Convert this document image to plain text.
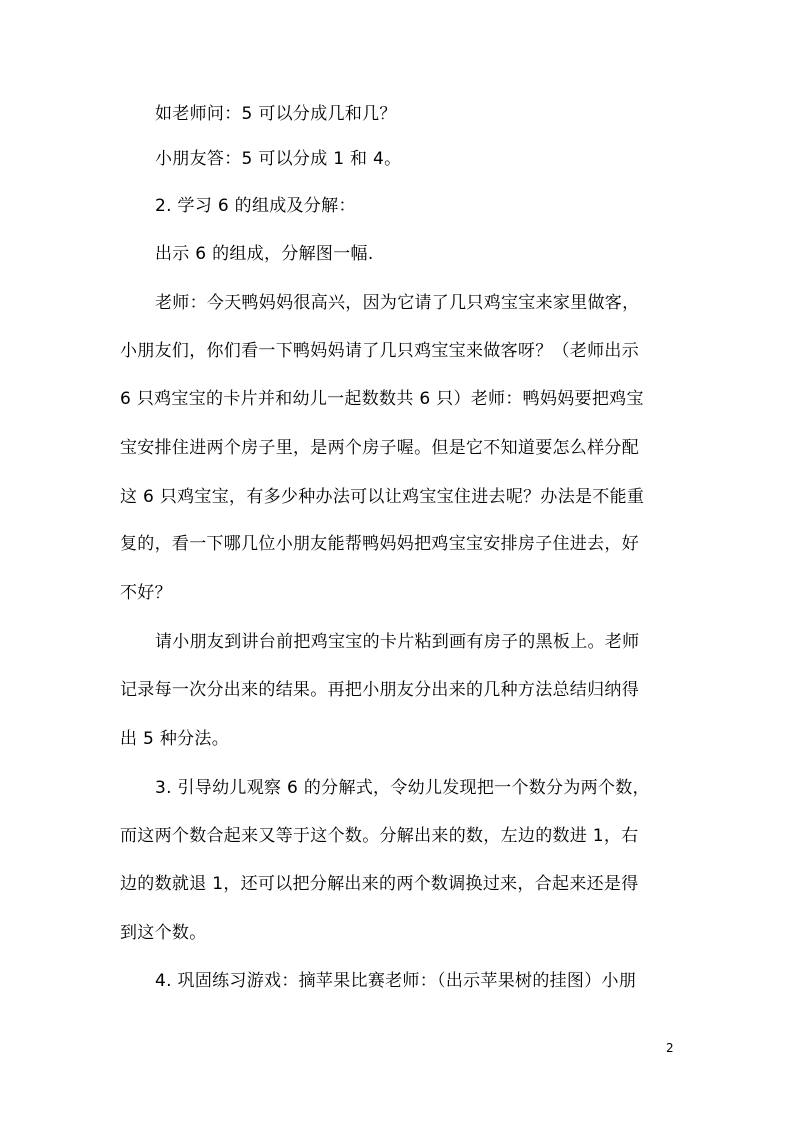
如老师问：5 可以分成几和几？
小朋友答：5 可以分成 1 和 4。
2. 学习 6 的组成及分解：
出示 6 的组成，分解图一幅.
老师：今天鸭妈妈很高兴，因为它请了几只鸡宝宝来家里做客，
小朋友们，你们看一下鸭妈妈请了几只鸡宝宝来做客呀？（老师出示
6 只鸡宝宝的卡片并和幼儿一起数数共 6 只）老师：鸭妈妈要把鸡宝
宝安排住进两个房子里，是两个房子喔。但是它不知道要怎么样分配
这 6 只鸡宝宝，有多少种办法可以让鸡宝宝住进去呢？办法是不能重
复的，看一下哪几位小朋友能帮鸭妈妈把鸡宝宝安排房子住进去，好
不好？
请小朋友到讲台前把鸡宝宝的卡片粘到画有房子的黑板上。老师
记录每一次分出来的结果。再把小朋友分出来的几种方法总结归纳得
出 5 种分法。
3. 引导幼儿观察 6 的分解式，令幼儿发现把一个数分为两个数，
而这两个数合起来又等于这个数。分解出来的数，左边的数进 1，右
边的数就退 1，还可以把分解出来的两个数调换过来，合起来还是得
到这个数。
4. 巩固练习游戏：摘苹果比赛老师：（出示苹果树的挂图）小朋
2
